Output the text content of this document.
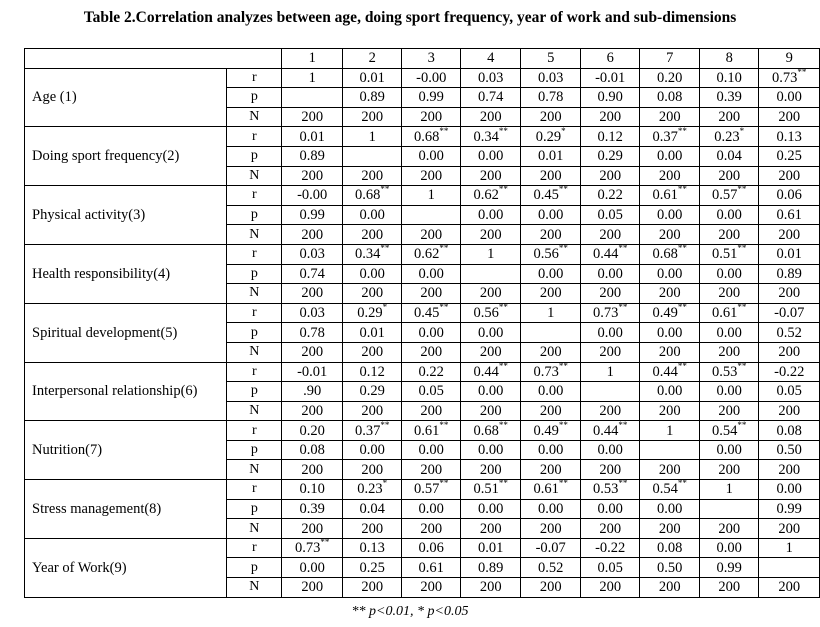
Table 2.Correlation analyzes between age, doing sport frequency, year of work and sub-dimensions
		1	2	3	4	5	6	7	8	9
Age (1)	r	1	0.01	-0.00	0.03	0.03	-0.01	0.20	0.10	0.73**
	p		0.89	0.99	0.74	0.78	0.90	0.08	0.39	0.00
	N	200	200	200	200	200	200	200	200	200
Doing sport frequency(2)	r	0.01	1	0.68**	0.34**	0.29*	0.12	0.37**	0.23*	0.13
	p	0.89		0.00	0.00	0.01	0.29	0.00	0.04	0.25
	N	200	200	200	200	200	200	200	200	200
Physical activity(3)	r	-0.00	0.68**	1	0.62**	0.45**	0.22	0.61**	0.57**	0.06
	p	0.99	0.00		0.00	0.00	0.05	0.00	0.00	0.61
	N	200	200	200	200	200	200	200	200	200
Health responsibility(4)	r	0.03	0.34**	0.62**	1	0.56**	0.44**	0.68**	0.51**	0.01
	p	0.74	0.00	0.00		0.00	0.00	0.00	0.00	0.89
	N	200	200	200	200	200	200	200	200	200
Spiritual development(5)	r	0.03	0.29*	0.45**	0.56**	1	0.73**	0.49**	0.61**	-0.07
	p	0.78	0.01	0.00	0.00		0.00	0.00	0.00	0.52
	N	200	200	200	200	200	200	200	200	200
Interpersonal relationship(6)	r	-0.01	0.12	0.22	0.44**	0.73**	1	0.44**	0.53**	-0.22
	p	.90	0.29	0.05	0.00	0.00		0.00	0.00	0.05
	N	200	200	200	200	200	200	200	200	200
Nutrition(7)	r	0.20	0.37**	0.61**	0.68**	0.49**	0.44**	1	0.54**	0.08
	p	0.08	0.00	0.00	0.00	0.00	0.00		0.00	0.50
	N	200	200	200	200	200	200	200	200	200
Stress management(8)	r	0.10	0.23*	0.57**	0.51**	0.61**	0.53**	0.54**	1	0.00
	p	0.39	0.04	0.00	0.00	0.00	0.00	0.00		0.99
	N	200	200	200	200	200	200	200	200	200
Year of Work(9)	r	0.73**	0.13	0.06	0.01	-0.07	-0.22	0.08	0.00	1
	p	0.00	0.25	0.61	0.89	0.52	0.05	0.50	0.99	
	N	200	200	200	200	200	200	200	200	200
** p<0.01, * p<0.05
